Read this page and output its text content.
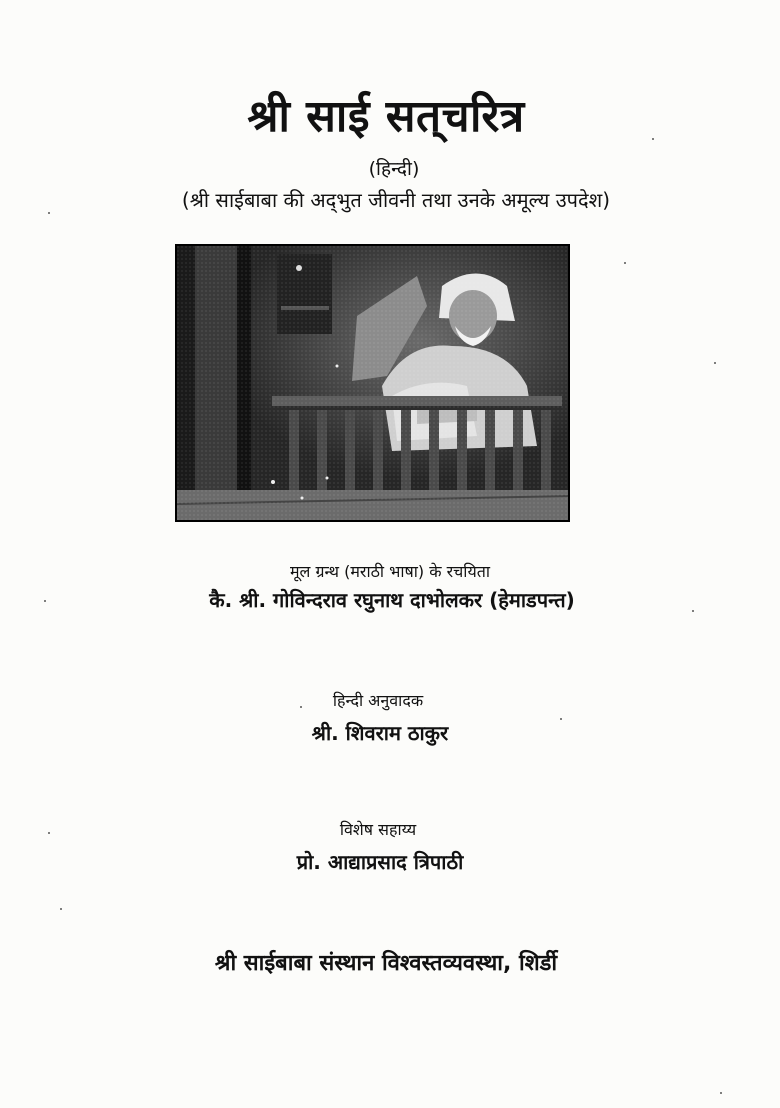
श्री साई सत्‌चरित्र
(हिन्दी)
(श्री साईबाबा की अद्‌भुत जीवनी तथा उनके अमूल्य उपदेश)
मूल ग्रन्थ (मराठी भाषा) के रचयिता
कै. श्री. गोविन्दराव रघुनाथ दाभोलकर (हेमाडपन्त)
हिन्दी अनुवादक
श्री. शिवराम ठाकुर
विशेष सहाय्य
प्रो. आद्याप्रसाद त्रिपाठी
श्री साईबाबा संस्थान विश्वस्तव्यवस्था, शिर्डी
